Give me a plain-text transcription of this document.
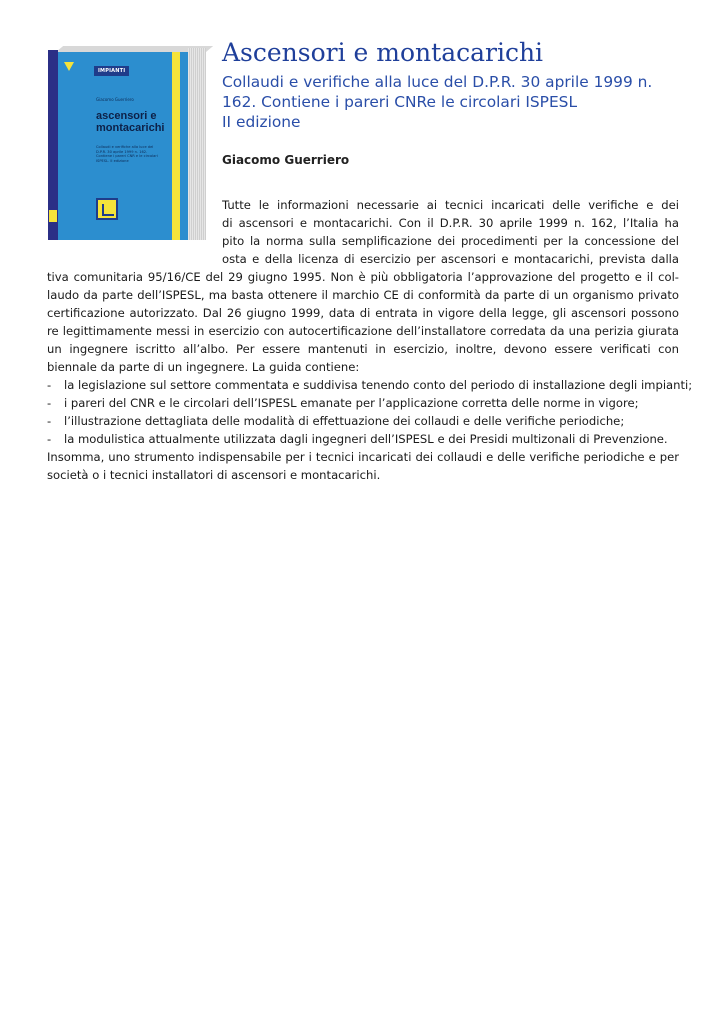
IMPIANTI
Giacomo Guerriero
ascensori e
montacarichi
Collaudi e verifiche alla luce del D.P.R. 30 aprile 1999 n. 162. Contiene i pareri CNR e le circolari ISPESL. II edizione
Ascensori e montacarichi
Collaudi e verifiche alla luce del D.P.R. 30 aprile 1999 n.
162. Contiene i pareri CNRe le circolari ISPESL
II edizione
Giacomo Guerriero
Tutte le informazioni necessarie ai tecnici incaricati delle verifiche e dei
di ascensori e montacarichi. Con il D.P.R. 30 aprile 1999 n. 162, l’Italia ha
pito la norma sulla semplificazione dei procedimenti per la concessione del
osta e della licenza di esercizio per ascensori e montacarichi, prevista dalla
tiva comunitaria 95/16/CE del 29 giugno 1995. Non è più obbligatoria l’approvazione del progetto e il col-
laudo da parte dell’ISPESL, ma basta ottenere il marchio CE di conformità da parte di un organismo privato
certificazione autorizzato. Dal 26 giugno 1999, data di entrata in vigore della legge, gli ascensori possono
re legittimamente messi in esercizio con autocertificazione dell’installatore corredata da una perizia giurata
un ingegnere iscritto all’albo. Per essere mantenuti in esercizio, inoltre, devono essere verificati con
biennale da parte di un ingegnere. La guida contiene:
- la legislazione sul settore commentata e suddivisa tenendo conto del periodo di installazione degli impianti;
- i pareri del CNR e le circolari dell’ISPESL emanate per l’applicazione corretta delle norme in vigore;
- l’illustrazione dettagliata delle modalità di effettuazione dei collaudi e delle verifiche periodiche;
- la modulistica attualmente utilizzata dagli ingegneri dell’ISPESL e dei Presidi multizonali di Prevenzione.
Insomma, uno strumento indispensabile per i tecnici incaricati dei collaudi e delle verifiche periodiche e per
società o i tecnici installatori di ascensori e montacarichi.
